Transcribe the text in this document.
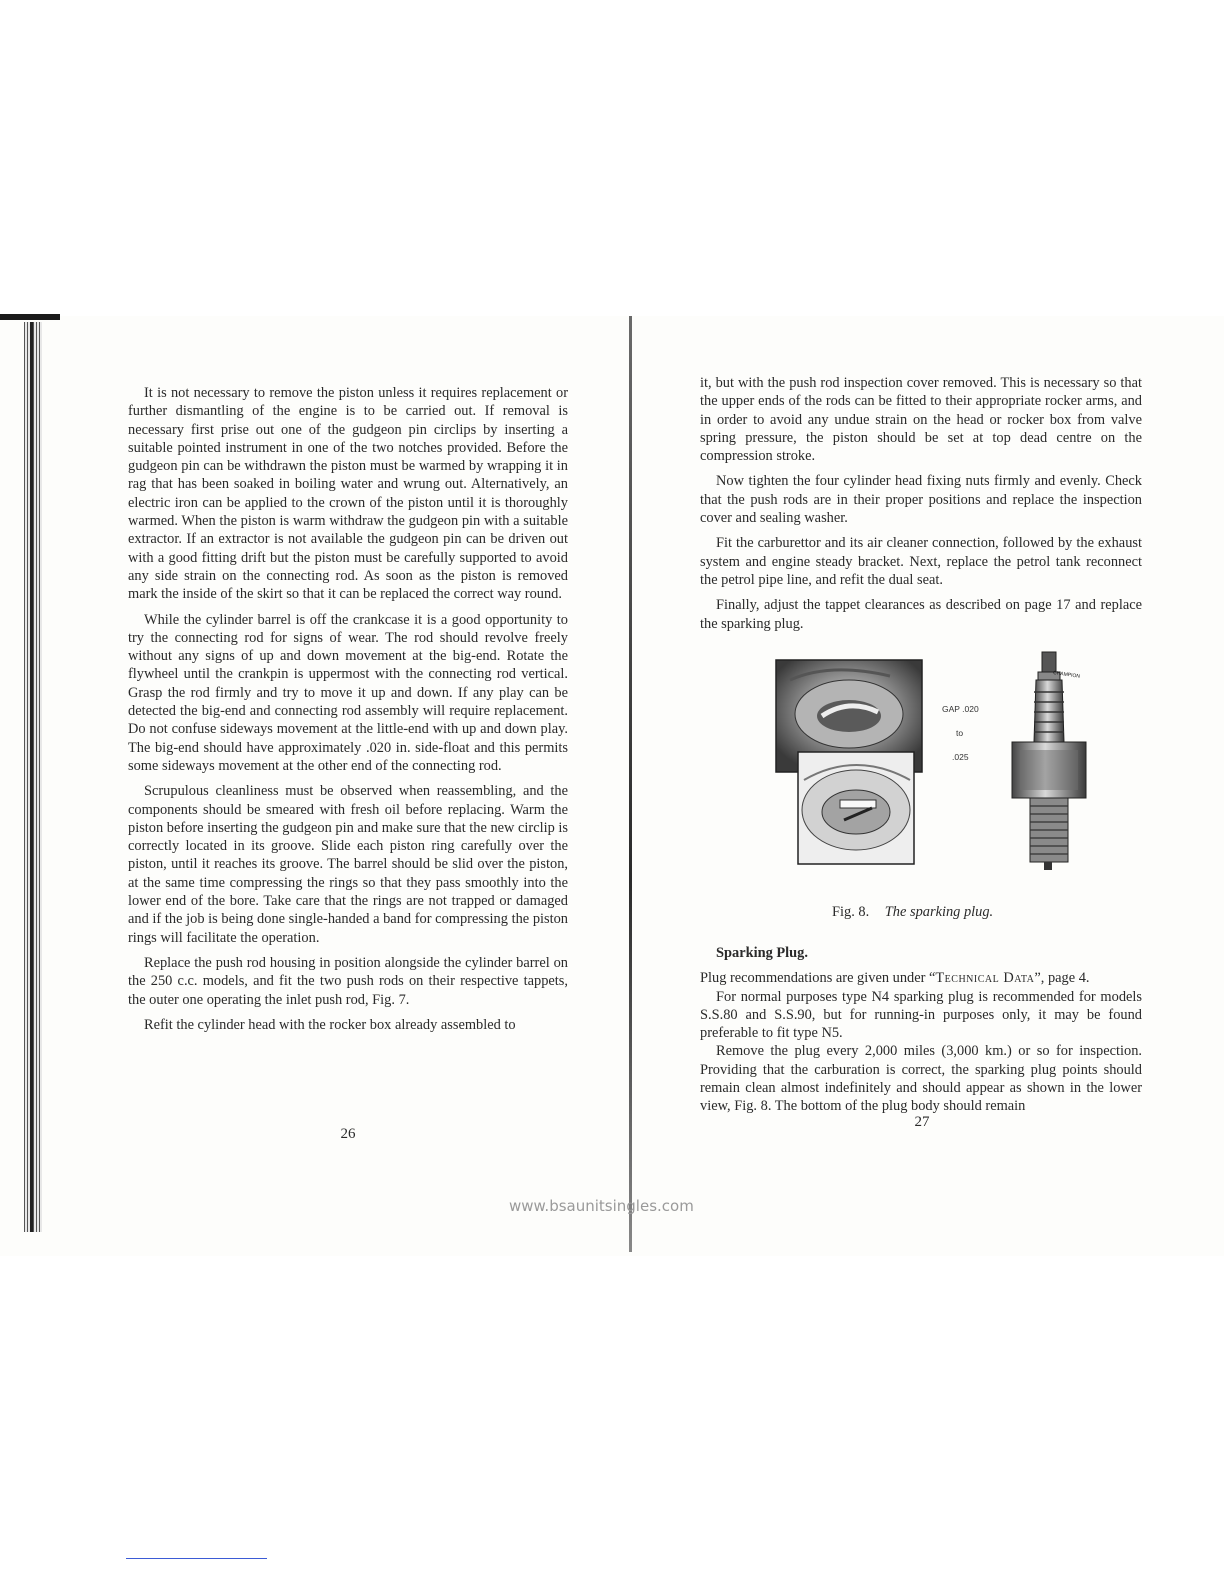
It is not necessary to remove the piston unless it requires replacement or further dismantling of the engine is to be carried out. If removal is necessary first prise out one of the gudgeon pin circlips by inserting a suitable pointed instrument in one of the two notches provided. Before the gudgeon pin can be withdrawn the piston must be warmed by wrapping it in rag that has been soaked in boiling water and wrung out. Alternatively, an electric iron can be applied to the crown of the piston until it is thoroughly warmed. When the piston is warm withdraw the gudgeon pin with a suitable extractor. If an extractor is not available the gudgeon pin can be driven out with a good fitting drift but the piston must be carefully supported to avoid any side strain on the connecting rod. As soon as the piston is removed mark the inside of the skirt so that it can be replaced the correct way round.

While the cylinder barrel is off the crankcase it is a good opportunity to try the connecting rod for signs of wear. The rod should revolve freely without any signs of up and down movement at the big-end. Rotate the flywheel until the crankpin is uppermost with the connecting rod vertical. Grasp the rod firmly and try to move it up and down. If any play can be detected the big-end and connecting rod assembly will require replacement. Do not confuse sideways movement at the little-end with up and down play. The big-end should have approximately .020 in. side-float and this permits some sideways movement at the other end of the connecting rod.

Scrupulous cleanliness must be observed when reassembling, and the components should be smeared with fresh oil before replacing. Warm the piston before inserting the gudgeon pin and make sure that the new circlip is correctly located in its groove. Slide each piston ring carefully over the piston, until it reaches its groove. The barrel should be slid over the piston, at the same time compressing the rings so that they pass smoothly into the lower end of the bore. Take care that the rings are not trapped or damaged and if the job is being done single-handed a band for compressing the piston rings will facilitate the operation.

Replace the push rod housing in position alongside the cylinder barrel on the 250 c.c. models, and fit the two push rods on their respective tappets, the outer one operating the inlet push rod, Fig. 7.

Refit the cylinder head with the rocker box already assembled to

26

it, but with the push rod inspection cover removed. This is necessary so that the upper ends of the rods can be fitted to their appropriate rocker arms, and in order to avoid any undue strain on the head or rocker box from valve spring pressure, the piston should be set at top dead centre on the compression stroke.

Now tighten the four cylinder head fixing nuts firmly and evenly. Check that the push rods are in their proper positions and replace the inspection cover and sealing washer.

Fit the carburettor and its air cleaner connection, followed by the exhaust system and engine steady bracket. Next, replace the petrol tank reconnect the petrol pipe line, and refit the dual seat.

Finally, adjust the tappet clearances as described on page 17 and replace the sparking plug.

GAP .020
to
.025
CHAMPION
Fig. 8. The sparking plug.

Sparking Plug.

Plug recommendations are given under “Technical Data”, page 4.

For normal purposes type N4 sparking plug is recommended for models S.S.80 and S.S.90, but for running-in purposes only, it may be found preferable to fit type N5.

Remove the plug every 2,000 miles (3,000 km.) or so for inspection. Providing that the carburation is correct, the sparking plug points should remain clean almost indefinitely and should appear as shown in the lower view, Fig. 8. The bottom of the plug body should remain

27
www.bsaunitsingles.com
